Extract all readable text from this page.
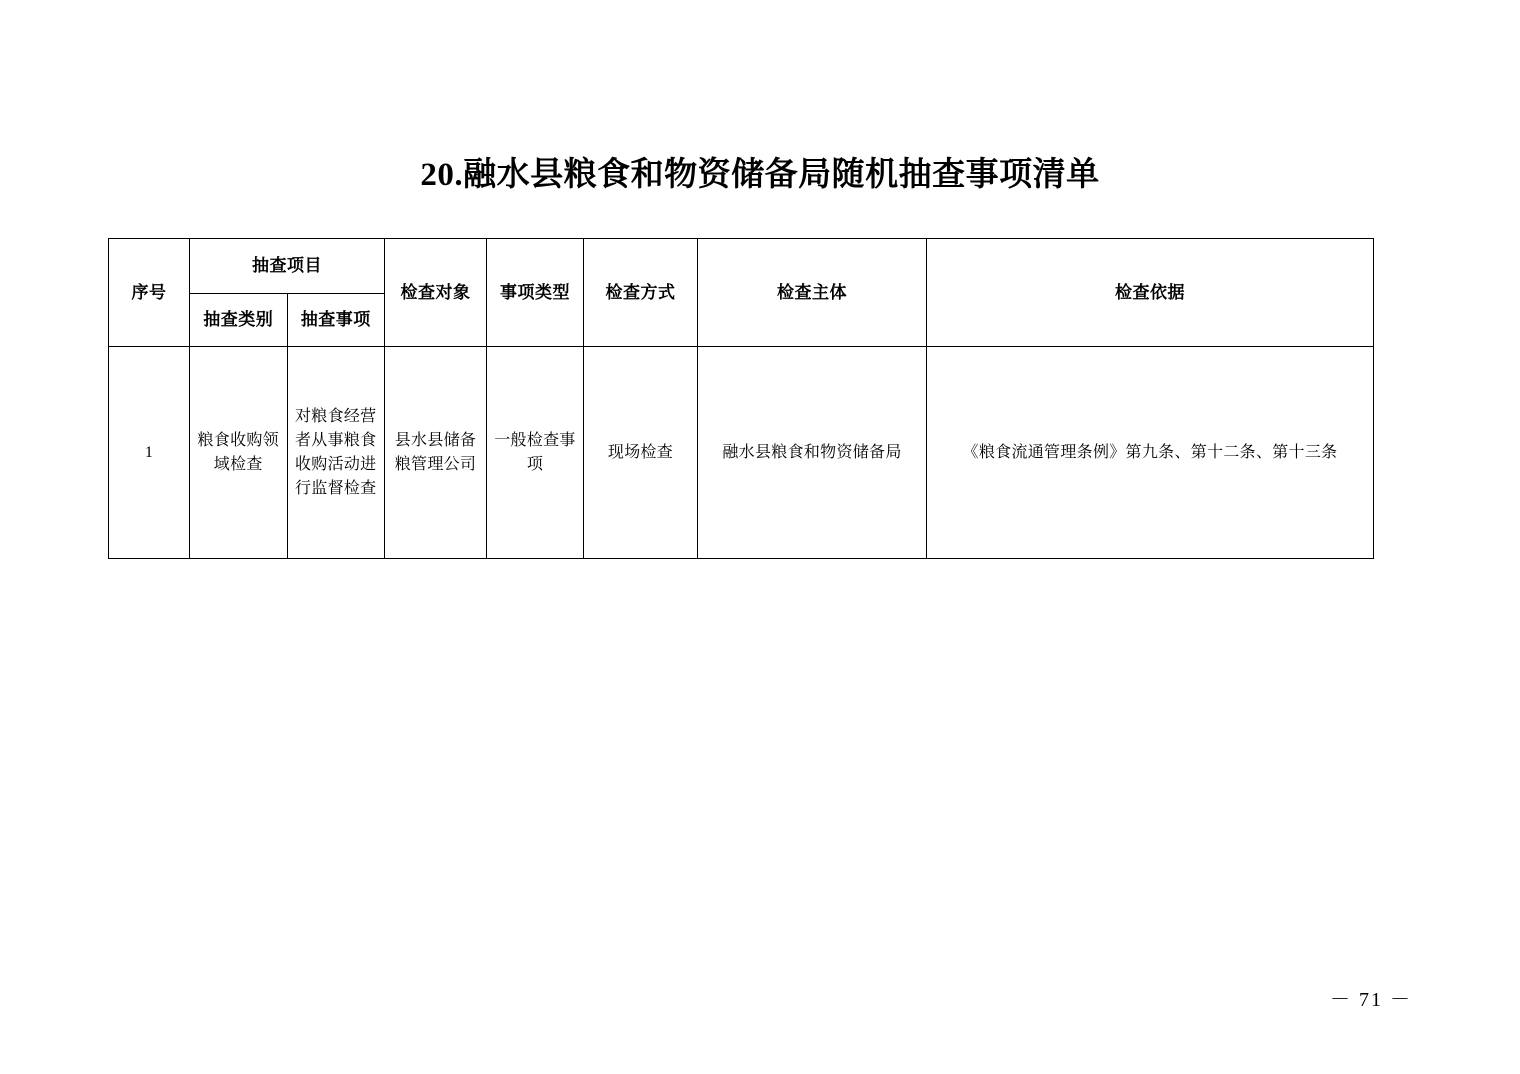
20.融水县粮食和物资储备局随机抽查事项清单
序号	抽查项目		检查对象	事项类型	检查方式	检查主体	检查依据
	抽查类别	抽查事项					
1	粮食收购领域检查	对粮食经营者从事粮食收购活动进行监督检查	县水县储备粮管理公司	一般检查事项	现场检查	融水县粮食和物资储备局	《粮食流通管理条例》第九条、第十二条、第十三条
－ 71 －
